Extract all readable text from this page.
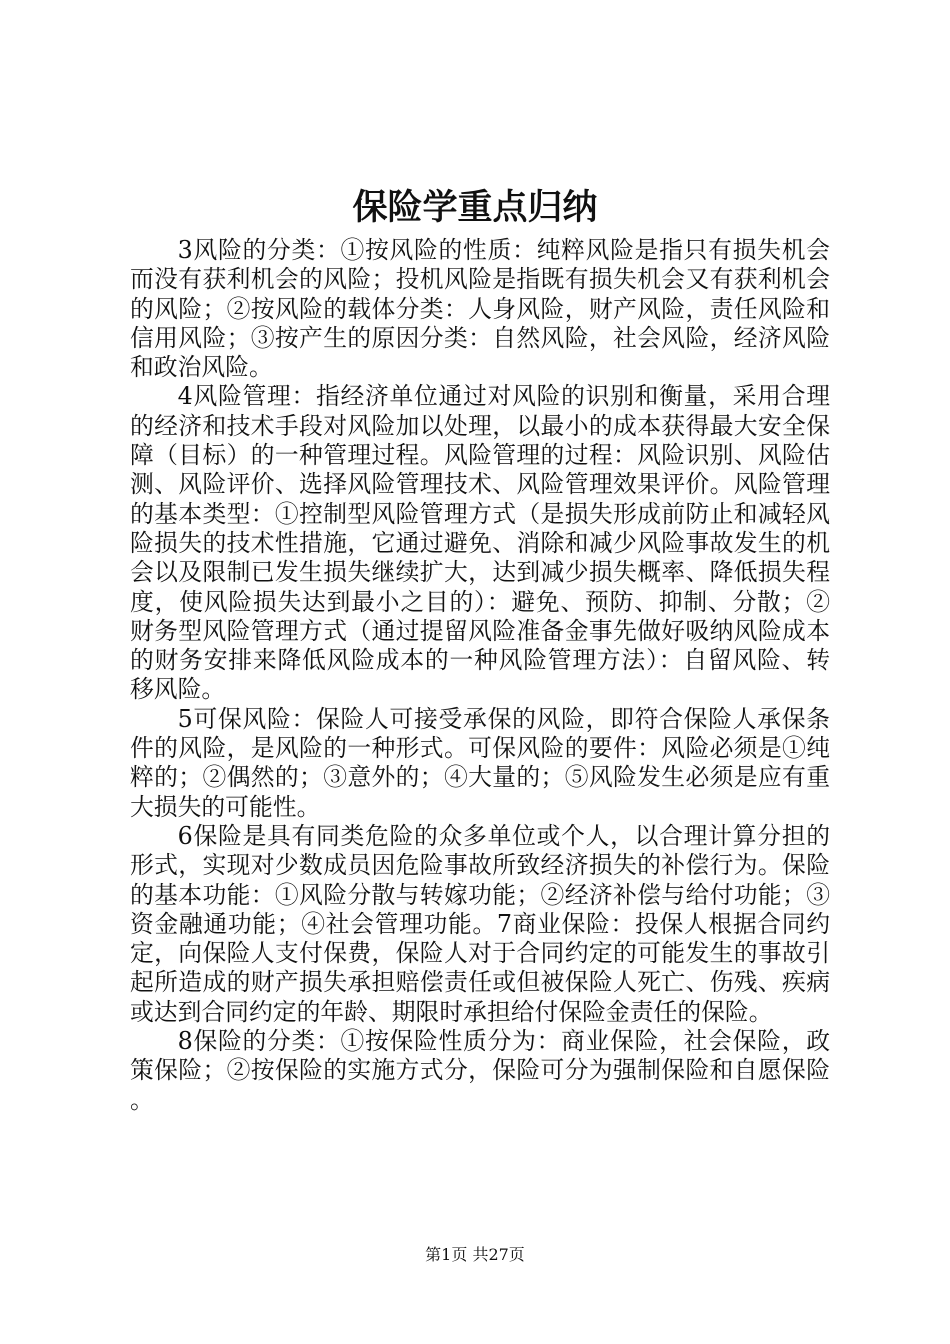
保险学重点归纳

3风险的分类：①按风险的性质：纯粹风险是指只有损失机会而没有获利机会的风险；投机风险是指既有损失机会又有获利机会的风险；②按风险的载体分类：人身风险，财产风险，责任风险和信用风险；③按产生的原因分类：自然风险，社会风险，经济风险和政治风险。

4风险管理：指经济单位通过对风险的识别和衡量，采用合理的经济和技术手段对风险加以处理，以最小的成本获得最大安全保障（目标）的一种管理过程。风险管理的过程：风险识别、风险估测、风险评价、选择风险管理技术、风险管理效果评价。风险管理的基本类型：①控制型风险管理方式（是损失形成前防止和减轻风险损失的技术性措施，它通过避免、消除和减少风险事故发生的机会以及限制已发生损失继续扩大，达到减少损失概率、降低损失程度，使风险损失达到最小之目的）：避免、预防、抑制、分散；②财务型风险管理方式（通过提留风险准备金事先做好吸纳风险成本的财务安排来降低风险成本的一种风险管理方法）：自留风险、转移风险。

5可保风险：保险人可接受承保的风险，即符合保险人承保条件的风险，是风险的一种形式。可保风险的要件：风险必须是①纯粹的；②偶然的；③意外的；④大量的；⑤风险发生必须是应有重大损失的可能性。

6保险是具有同类危险的众多单位或个人，以合理计算分担的形式，实现对少数成员因危险事故所致经济损失的补偿行为。保险的基本功能：①风险分散与转嫁功能；②经济补偿与给付功能；③资金融通功能；④社会管理功能。7商业保险：投保人根据合同约定，向保险人支付保费，保险人对于合同约定的可能发生的事故引起所造成的财产损失承担赔偿责任或但被保险人死亡、伤残、疾病或达到合同约定的年龄、期限时承担给付保险金责任的保险。

8保险的分类：①按保险性质分为：商业保险，社会保险，政策保险；②按保险的实施方式分，保险可分为强制保险和自愿保险。

第1页 共27页
